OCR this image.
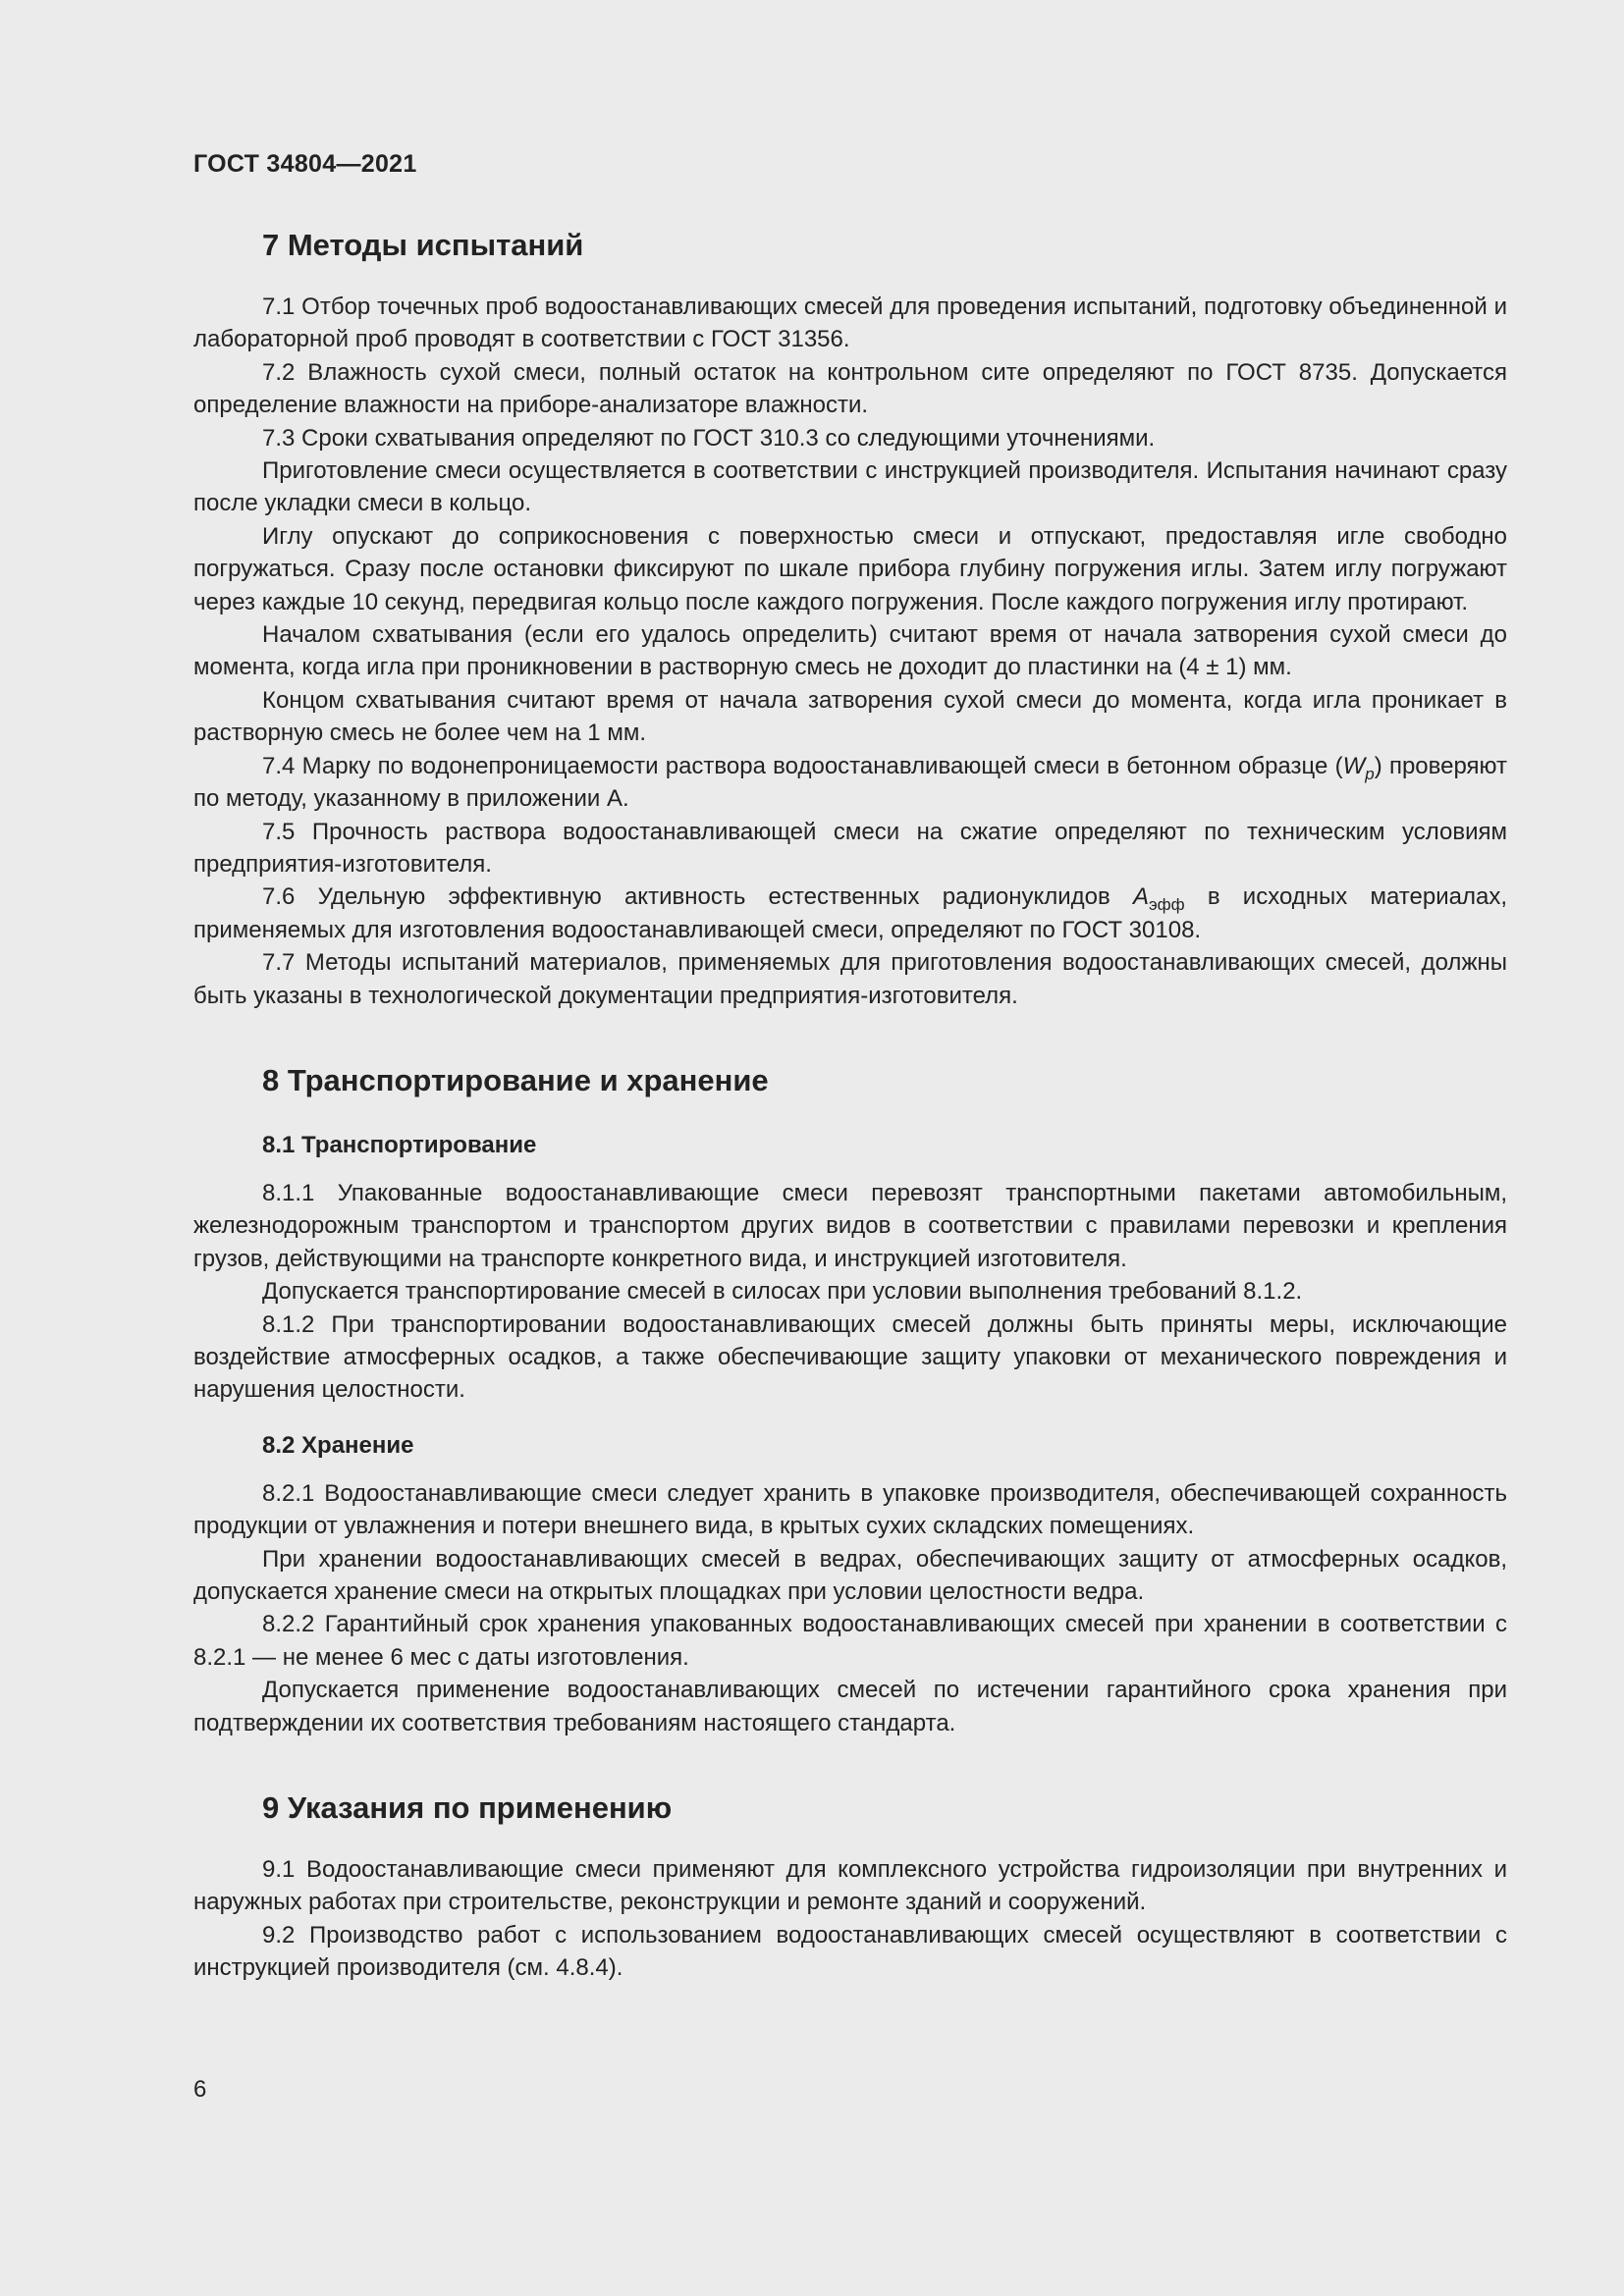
ГОСТ 34804—2021

7 Методы испытаний

7.1 Отбор точечных проб водоостанавливающих смесей для проведения испытаний, подготовку объединенной и лабораторной проб проводят в соответствии с ГОСТ 31356.

7.2 Влажность сухой смеси, полный остаток на контрольном сите определяют по ГОСТ 8735. Допускается определение влажности на приборе-анализаторе влажности.

7.3 Сроки схватывания определяют по ГОСТ 310.3 со следующими уточнениями.

Приготовление смеси осуществляется в соответствии с инструкцией производителя. Испытания начинают сразу после укладки смеси в кольцо.

Иглу опускают до соприкосновения с поверхностью смеси и отпускают, предоставляя игле свободно погружаться. Сразу после остановки фиксируют по шкале прибора глубину погружения иглы. Затем иглу погружают через каждые 10 секунд, передвигая кольцо после каждого погружения. После каждого погружения иглу протирают.

Началом схватывания (если его удалось определить) считают время от начала затворения сухой смеси до момента, когда игла при проникновении в растворную смесь не доходит до пластинки на (4 ± 1) мм.

Концом схватывания считают время от начала затворения сухой смеси до момента, когда игла проникает в растворную смесь не более чем на 1 мм.

7.4 Марку по водонепроницаемости раствора водоостанавливающей смеси в бетонном образце $(W_p)$ проверяют по методу, указанному в приложении А.

7.5 Прочность раствора водоостанавливающей смеси на сжатие определяют по техническим условиям предприятия-изготовителя.

7.6 Удельную эффективную активность естественных радионуклидов $A_{эфф}$ в исходных материалах, применяемых для изготовления водоостанавливающей смеси, определяют по ГОСТ 30108.

7.7 Методы испытаний материалов, применяемых для приготовления водоостанавливающих смесей, должны быть указаны в технологической документации предприятия-изготовителя.

8 Транспортирование и хранение
8.1 Транспортирование

8.1.1 Упакованные водоостанавливающие смеси перевозят транспортными пакетами автомобильным, железнодорожным транспортом и транспортом других видов в соответствии с правилами перевозки и крепления грузов, действующими на транспорте конкретного вида, и инструкцией изготовителя.

Допускается транспортирование смесей в силосах при условии выполнения требований 8.1.2.

8.1.2 При транспортировании водоостанавливающих смесей должны быть приняты меры, исключающие воздействие атмосферных осадков, а также обеспечивающие защиту упаковки от механического повреждения и нарушения целостности.

8.2 Хранение

8.2.1 Водоостанавливающие смеси следует хранить в упаковке производителя, обеспечивающей сохранность продукции от увлажнения и потери внешнего вида, в крытых сухих складских помещениях.

При хранении водоостанавливающих смесей в ведрах, обеспечивающих защиту от атмосферных осадков, допускается хранение смеси на открытых площадках при условии целостности ведра.

8.2.2 Гарантийный срок хранения упакованных водоостанавливающих смесей при хранении в соответствии с 8.2.1 — не менее 6 мес с даты изготовления.

Допускается применение водоостанавливающих смесей по истечении гарантийного срока хранения при подтверждении их соответствия требованиям настоящего стандарта.

9 Указания по применению

9.1 Водоостанавливающие смеси применяют для комплексного устройства гидроизоляции при внутренних и наружных работах при строительстве, реконструкции и ремонте зданий и сооружений.

9.2 Производство работ с использованием водоостанавливающих смесей осуществляют в соответствии с инструкцией производителя (см. 4.8.4).

6
